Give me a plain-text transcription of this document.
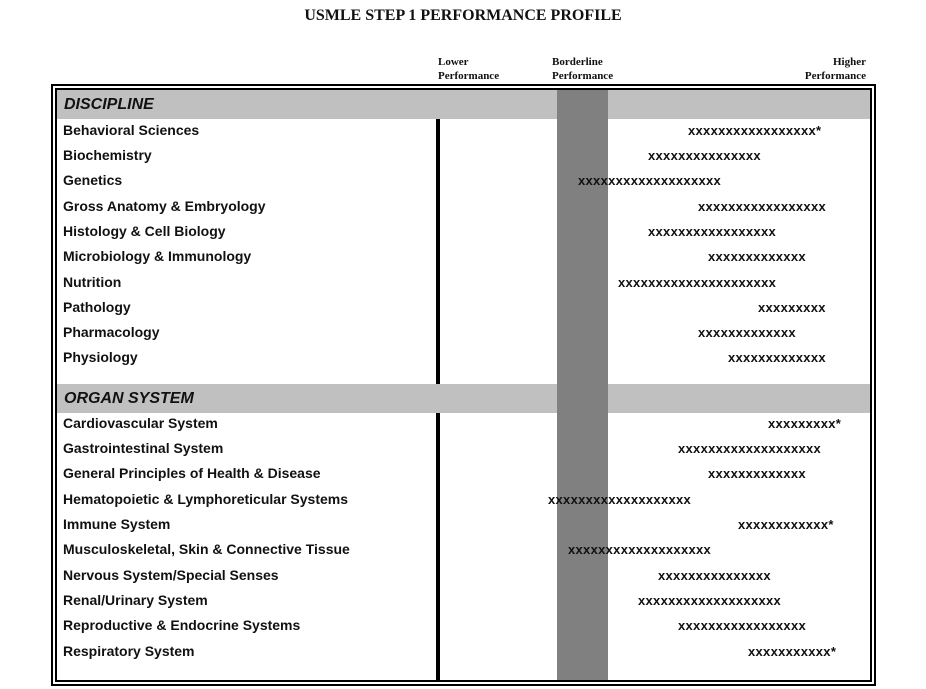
USMLE STEP 1 PERFORMANCE PROFILE
Lower
Performance
Borderline
Performance
Higher
Performance
DISCIPLINE
ORGAN SYSTEM
Behavioral Sciences	xxxxxxxxxxxxxxxxx*
Biochemistry	xxxxxxxxxxxxxxx
Genetics	xxxxxxxxxxxxxxxxxxx
Gross Anatomy & Embryology	xxxxxxxxxxxxxxxxx
Histology & Cell Biology	xxxxxxxxxxxxxxxxx
Microbiology & Immunology	xxxxxxxxxxxxx
Nutrition	xxxxxxxxxxxxxxxxxxxxx
Pathology	xxxxxxxxx
Pharmacology	xxxxxxxxxxxxx
Physiology	xxxxxxxxxxxxx
Cardiovascular System	xxxxxxxxx*
Gastrointestinal System	xxxxxxxxxxxxxxxxxxx
General Principles of Health & Disease	xxxxxxxxxxxxx
Hematopoietic & Lymphoreticular Systems	xxxxxxxxxxxxxxxxxxx
Immune System	xxxxxxxxxxxx*
Musculoskeletal, Skin & Connective Tissue	xxxxxxxxxxxxxxxxxxx
Nervous System/Special Senses	xxxxxxxxxxxxxxx
Renal/Urinary System	xxxxxxxxxxxxxxxxxxx
Reproductive & Endocrine Systems	xxxxxxxxxxxxxxxxx
Respiratory System	xxxxxxxxxxx*
